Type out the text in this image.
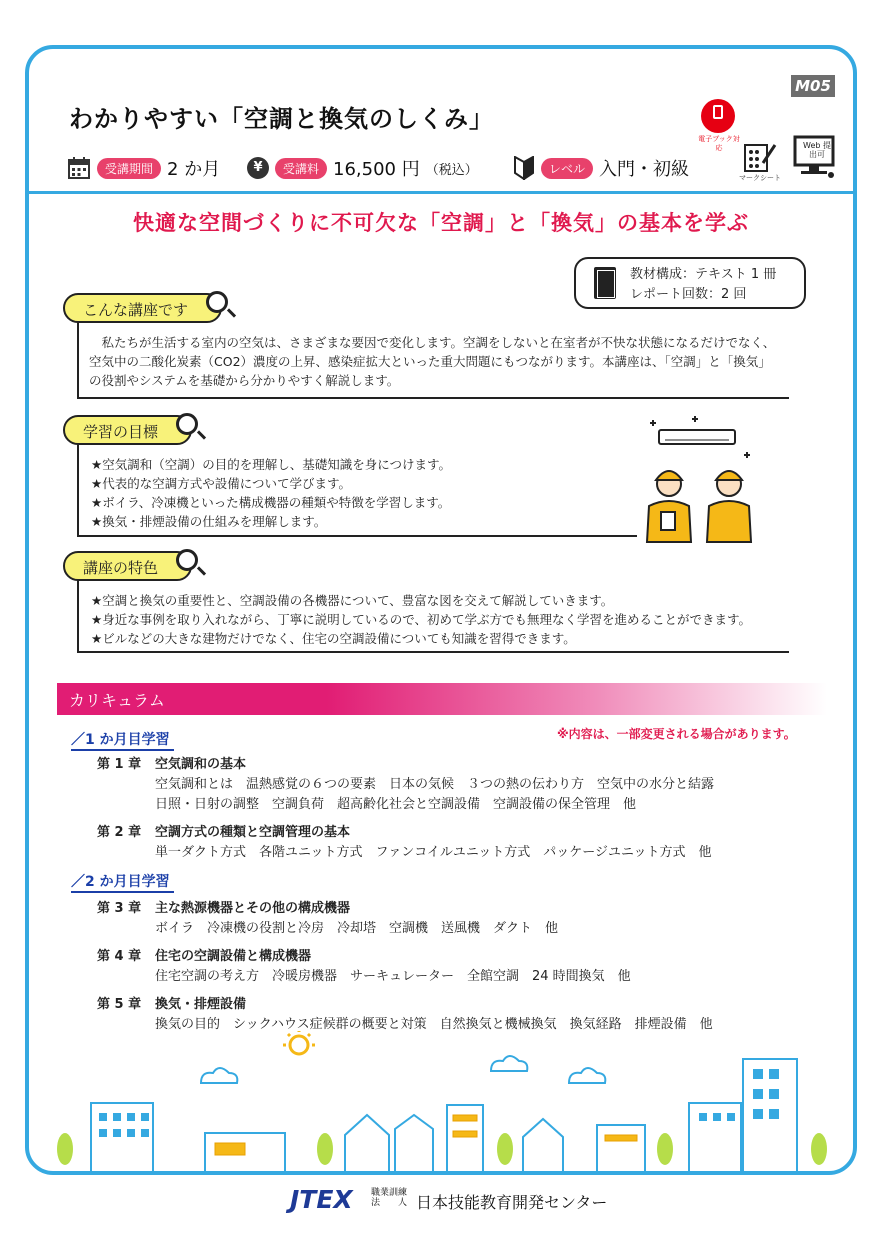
M05
わかりやすい「空調と換気のしくみ」
電子ブック対応
マークシート
Web 提出可
受講期間 2 か月	¥	受講料 16,500 円 （税込）	レベル 入門・初級
快適な空間づくりに不可欠な「空調」と「換気」の基本を学ぶ
教材構成：テキスト 1 冊
レポート回数：2 回
こんな講座です
　私たちが生活する室内の空気は、さまざまな要因で変化します。空調をしないと在室者が不快な状態になるだけでなく、
空気中の二酸化炭素（CO2）濃度の上昇、感染症拡大といった重大問題にもつながります。本講座は、「空調」と「換気」
の役割やシステムを基礎から分かりやすく解説します。
学習の目標
★空気調和（空調）の目的を理解し、基礎知識を身につけます。
★代表的な空調方式や設備について学びます。
★ボイラ、冷凍機といった構成機器の種類や特徴を学習します。
★換気・排煙設備の仕組みを理解します。
講座の特色
★空調と換気の重要性と、空調設備の各機器について、豊富な図を交えて解説していきます。
★身近な事例を取り入れながら、丁寧に説明しているので、初めて学ぶ方でも無理なく学習を進めることができます。
★ビルなどの大きな建物だけでなく、住宅の空調設備についても知識を習得できます。
カリキュラム
／1 か月目学習	※内容は、一部変更される場合があります。
第 1 章 空気調和の基本
空気調和とは　温熱感覚の６つの要素　日本の気候　３つの熱の伝わり方　空気中の水分と結露
日照・日射の調整　空調負荷　超高齢化社会と空調設備　空調設備の保全管理　他
第 2 章 空調方式の種類と空調管理の基本
単一ダクト方式　各階ユニット方式　ファンコイルユニット方式　パッケージユニット方式　他
／2 か月目学習
第 3 章 主な熱源機器とその他の構成機器
ボイラ　冷凍機の役割と冷房　冷却塔　空調機　送風機　ダクト　他
第 4 章 住宅の空調設備と構成機器
住宅空調の考え方　冷暖房機器　サーキュレーター　全館空調　24 時間換気　他
第 5 章 換気・排煙設備
換気の目的　シックハウス症候群の概要と対策　自然換気と機械換気　換気経路　排煙設備　他
JTEX 職業訓練
法　　人 日本技能教育開発センター
